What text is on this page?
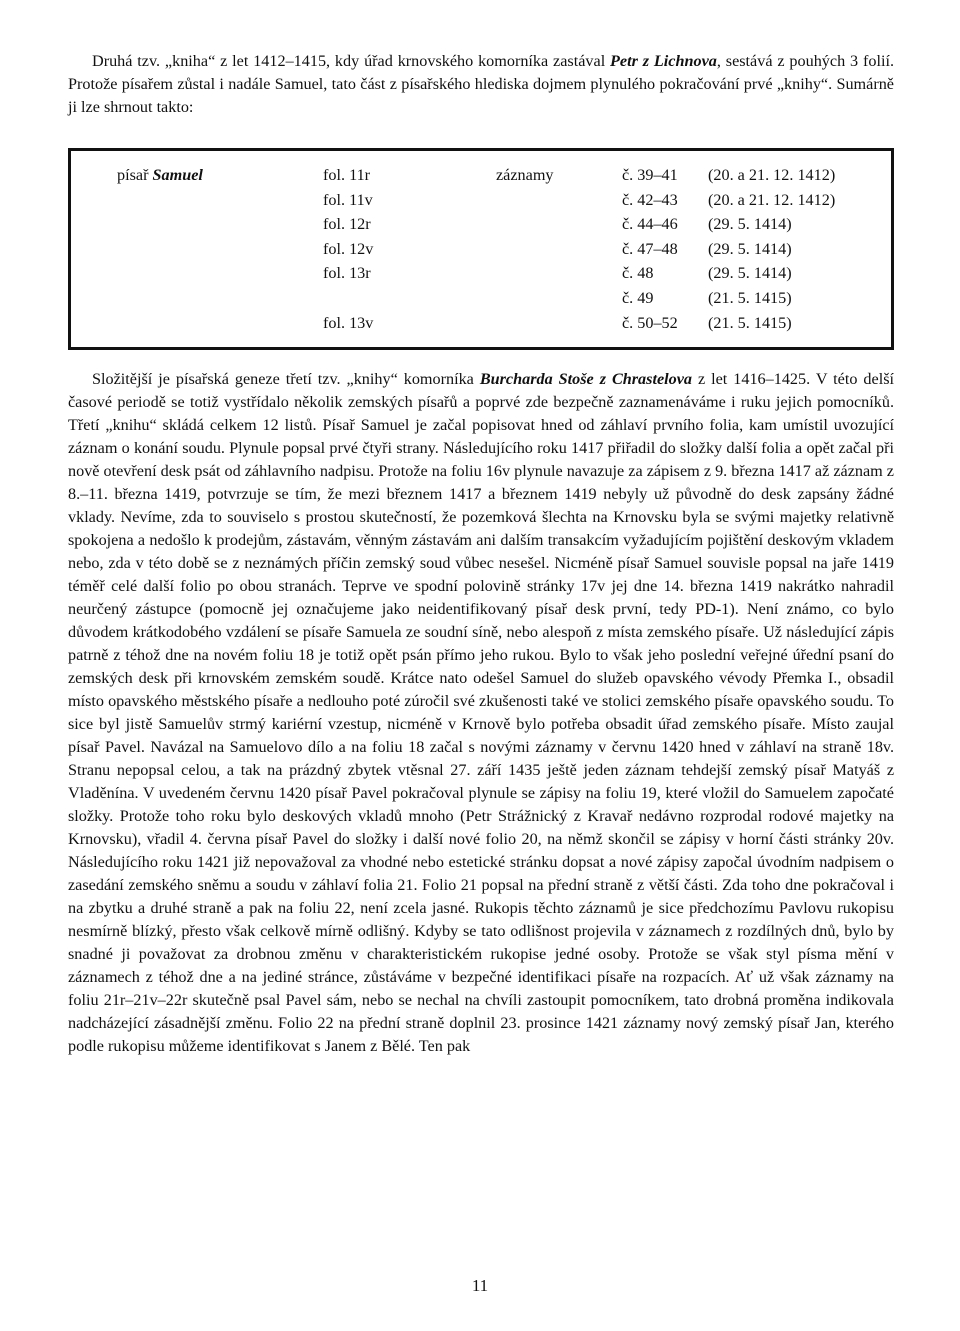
Druhá tzv. „kniha“ z let 1412–1415, kdy úřad krnovského komorníka zastával Petr z Lichnova, sestává z pouhých 3 folií. Protože písařem zůstal i nadále Samuel, tato část z písařského hlediska dojmem plynulého pokračování prvé „knihy“. Sumárně ji lze shrnout takto:

písař Samuel	fol. 11r
fol. 11v
fol. 12r
fol. 12v
fol. 13r
fol. 13v
záznamy	č. 39–41
č. 42–43
č. 44–46
č. 47–48
č. 48
č. 49
č. 50–52
(20. a 21. 12. 1412)
(20. a 21. 12. 1412)
(29. 5. 1414)
(29. 5. 1414)
(29. 5. 1414)
(21. 5. 1415)
(21. 5. 1415)

Složitější je písařská geneze třetí tzv. „knihy“ komorníka Burcharda Stoše z Chrastelova z let 1416–1425. V této delší časové periodě se totiž vystřídalo několik zemských písařů a poprvé zde bezpečně zaznamenáváme i ruku jejich pomocníků. Třetí „knihu“ skládá celkem 12 listů. Písař Samuel je začal popisovat hned od záhlaví prvního folia, kam umístil uvozující záznam o konání soudu. Plynule popsal prvé čtyři strany. Následujícího roku 1417 přiřadil do složky další folia a opět začal při nově otevření desk psát od záhlavního nadpisu. Protože na foliu 16v plynule navazuje za zápisem z 9. března 1417 až záznam z 8.–11. března 1419, potvrzuje se tím, že mezi březnem 1417 a březnem 1419 nebyly už původně do desk zapsány žádné vklady. Nevíme, zda to souviselo s prostou skutečností, že pozemková šlechta na Krnovsku byla se svými majetky relativně spokojena a nedošlo k prodejům, zástavám, věnným zástavám ani dalším transakcím vyžadujícím pojištění deskovým vkladem nebo, zda v této době se z neznámých příčin zemský soud vůbec nesešel. Nicméně písař Samuel souvisle popsal na jaře 1419 téměř celé další folio po obou stranách. Teprve ve spodní polovině stránky 17v jej dne 14. března 1419 nakrátko nahradil neurčený zástupce (pomocně jej označujeme jako neidentifikovaný písař desk první, tedy PD-1). Není známo, co bylo důvodem krátkodobého vzdálení se písaře Samuela ze soudní síně, nebo alespoň z místa zemského písaře. Už následující zápis patrně z téhož dne na novém foliu 18 je totiž opět psán přímo jeho rukou. Bylo to však jeho poslední veřejné úřední psaní do zemských desk při krnovském zemském soudě. Krátce nato odešel Samuel do služeb opavského vévody Přemka I., obsadil místo opavského městského písaře a nedlouho poté zúročil své zkušenosti také ve stolici zemského písaře opavského soudu. To sice byl jistě Samuelův strmý kariérní vzestup, nicméně v Krnově bylo potřeba obsadit úřad zemského písaře. Místo zaujal písař Pavel. Navázal na Samuelovo dílo a na foliu 18 začal s novými záznamy v červnu 1420 hned v záhlaví na straně 18v. Stranu nepopsal celou, a tak na prázdný zbytek vtěsnal 27. září 1435 ještě jeden záznam tehdejší zemský písař Matyáš z Vladěnína. V uvedeném červnu 1420 písař Pavel pokračoval plynule se zápisy na foliu 19, které vložil do Samuelem započaté složky. Protože toho roku bylo deskových vkladů mnoho (Petr Strážnický z Kravař nedávno rozprodal rodové majetky na Krnovsku), vřadil 4. června písař Pavel do složky i další nové folio 20, na němž skončil se zápisy v horní části stránky 20v. Následujícího roku 1421 již nepovažoval za vhodné nebo estetické stránku dopsat a nové zápisy započal úvodním nadpisem o zasedání zemského sněmu a soudu v záhlaví folia 21. Folio 21 popsal na přední straně z větší části. Zda toho dne pokračoval i na zbytku a druhé straně a pak na foliu 22, není zcela jasné. Rukopis těchto záznamů je sice předchozímu Pavlovu rukopisu nesmírně blízký, přesto však celkově mírně odlišný. Kdyby se tato odlišnost projevila v záznamech z rozdílných dnů, bylo by snadné ji považovat za drobnou změnu v charakteristickém rukopise jedné osoby. Protože se však styl písma mění v záznamech z téhož dne a na jediné stránce, zůstáváme v bezpečné identifikaci písaře na rozpacích. Ať už však záznamy na foliu 21r–21v–22r skutečně psal Pavel sám, nebo se nechal na chvíli zastoupit pomocníkem, tato drobná proměna indikovala nadcházející zásadnější změnu. Folio 22 na přední straně doplnil 23. prosince 1421 záznamy nový zemský písař Jan, kterého podle rukopisu můžeme identifikovat s Janem z Bělé. Ten pak

11
